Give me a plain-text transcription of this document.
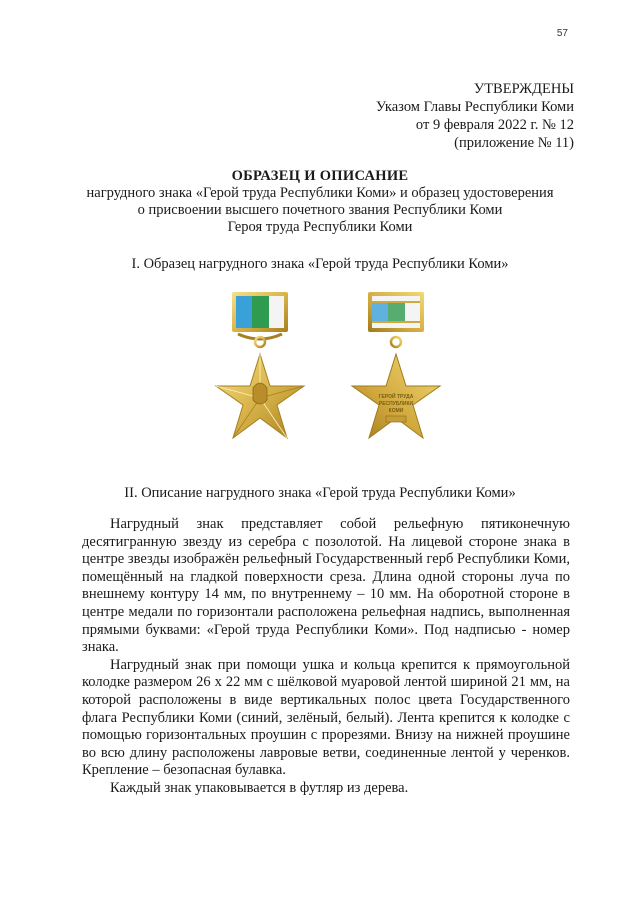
57
УТВЕРЖДЕНЫ
Указом Главы Республики Коми
от 9 февраля 2022 г. № 12
(приложение № 11)
ОБРАЗЕЦ И ОПИСАНИЕ
нагрудного знака «Герой труда Республики Коми» и образец удостоверения
о присвоении высшего почетного звания Республики Коми
Героя труда Республики Коми
I. Образец нагрудного знака «Герой труда Республики Коми»
ГЕРОЙ ТРУДА
РЕСПУБЛИКИ
КОМИ
II. Описание нагрудного знака «Герой труда Республики Коми»

Нагрудный знак представляет собой рельефную пятиконечную десятигранную звезду из серебра с позолотой. На лицевой стороне знака в центре звезды изображён рельефный Государственный герб Республики Коми, помещённый на гладкой поверхности среза. Длина одной стороны луча по внешнему контуру 14 мм, по внутреннему – 10 мм. На оборотной стороне в центре медали по горизонтали расположена рельефная надпись, выполненная прямыми буквами: «Герой труда Республики Коми». Под надписью - номер знака.

Нагрудный знак при помощи ушка и кольца крепится к прямоугольной колодке размером 26 x 22 мм с шёлковой муаровой лентой шириной 21 мм, на которой расположены в виде вертикальных полос цвета Государственного флага Республики Коми (синий, зелёный, белый). Лента крепится к колодке с помощью горизонтальных проушин с прорезями. Внизу на нижней проушине во всю длину расположены лавровые ветви, соединенные лентой у черенков. Крепление – безопасная булавка.

Каждый знак упаковывается в футляр из дерева.
